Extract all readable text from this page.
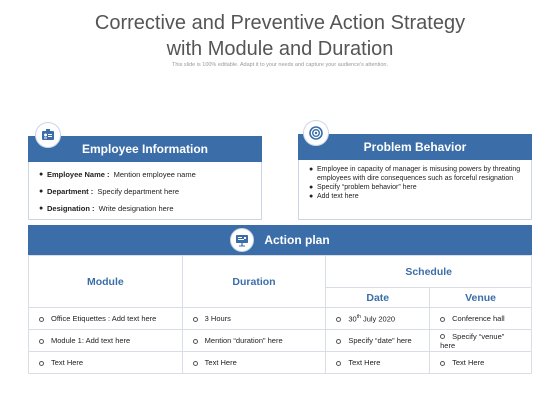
Corrective and Preventive Action Strategy
with Module and Duration
This slide is 100% editable. Adapt it to your needs and capture your audience's attention.
Employee Information
● Employee Name : Mention employee name
● Department : Specify department here
● Designation : Write designation here
Problem Behavior
● Employee in capacity of manager is misusing powers by threating employees with dire consequences such as forceful resignation
● Specify “problem behavior” here
● Add text here
Action plan
Module	Duration	Schedule	
		Date	Venue
Office Etiquettes : Add text here	3 Hours	30th July 2020	Conference hall
Module 1: Add text here	Mention “duration” here	Specify “date” here	Specify “venue” here
Text Here	Text Here	Text Here	Text Here
